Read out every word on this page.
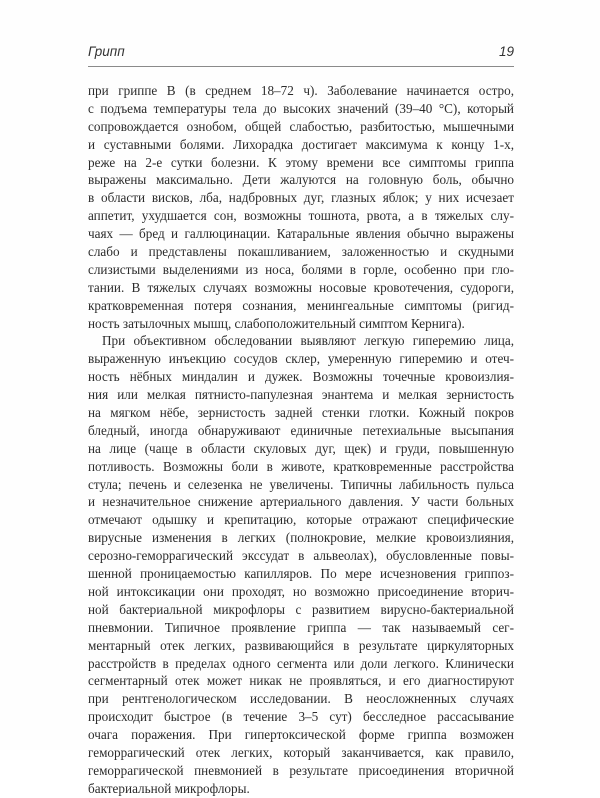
Грипп	19
при гриппе B (в среднем 18–72 ч). Заболевание начинается остро,
с подъема температуры тела до высоких значений (39–40 °C), который
сопровождается ознобом, общей слабостью, разбитостью, мышечными
и суставными болями. Лихорадка достигает максимума к концу 1-х,
реже на 2-е сутки болезни. К этому времени все симптомы гриппа
выражены максимально. Дети жалуются на головную боль, обычно
в области висков, лба, надбровных дуг, глазных яблок; у них исчезает
аппетит, ухудшается сон, возможны тошнота, рвота, а в тяжелых слу-
чаях — бред и галлюцинации. Катаральные явления обычно выражены
слабо и представлены покашливанием, заложенностью и скудными
слизистыми выделениями из носа, болями в горле, особенно при гло-
тании. В тяжелых случаях возможны носовые кровотечения, судороги,
кратковременная потеря сознания, менингеальные симптомы (ригид-
ность затылочных мышц, слабоположительный симптом Кернига).
При объективном обследовании выявляют легкую гиперемию лица,
выраженную инъекцию сосудов склер, умеренную гиперемию и отеч-
ность нёбных миндалин и дужек. Возможны точечные кровоизлия-
ния или мелкая пятнисто-папулезная энантема и мелкая зернистость
на мягком нёбе, зернистость задней стенки глотки. Кожный покров
бледный, иногда обнаруживают единичные петехиальные высыпания
на лице (чаще в области скуловых дуг, щек) и груди, повышенную
потливость. Возможны боли в животе, кратковременные расстройства
стула; печень и селезенка не увеличены. Типичны лабильность пульса
и незначительное снижение артериального давления. У части больных
отмечают одышку и крепитацию, которые отражают специфические
вирусные изменения в легких (полнокровие, мелкие кровоизлияния,
серозно-геморрагический экссудат в альвеолах), обусловленные повы-
шенной проницаемостью капилляров. По мере исчезновения гриппоз-
ной интоксикации они проходят, но возможно присоединение вторич-
ной бактериальной микрофлоры с развитием вирусно-бактериальной
пневмонии. Типичное проявление гриппа — так называемый сег-
ментарный отек легких, развивающийся в результате циркуляторных
расстройств в пределах одного сегмента или доли легкого. Клинически
сегментарный отек может никак не проявляться, и его диагностируют
при рентгенологическом исследовании. В неосложненных случаях
происходит быстрое (в течение 3–5 сут) бесследное рассасывание
очага поражения. При гипертоксической форме гриппа возможен
геморрагический отек легких, который заканчивается, как правило,
геморрагической пневмонией в результате присоединения вторичной
бактериальной микрофлоры.
